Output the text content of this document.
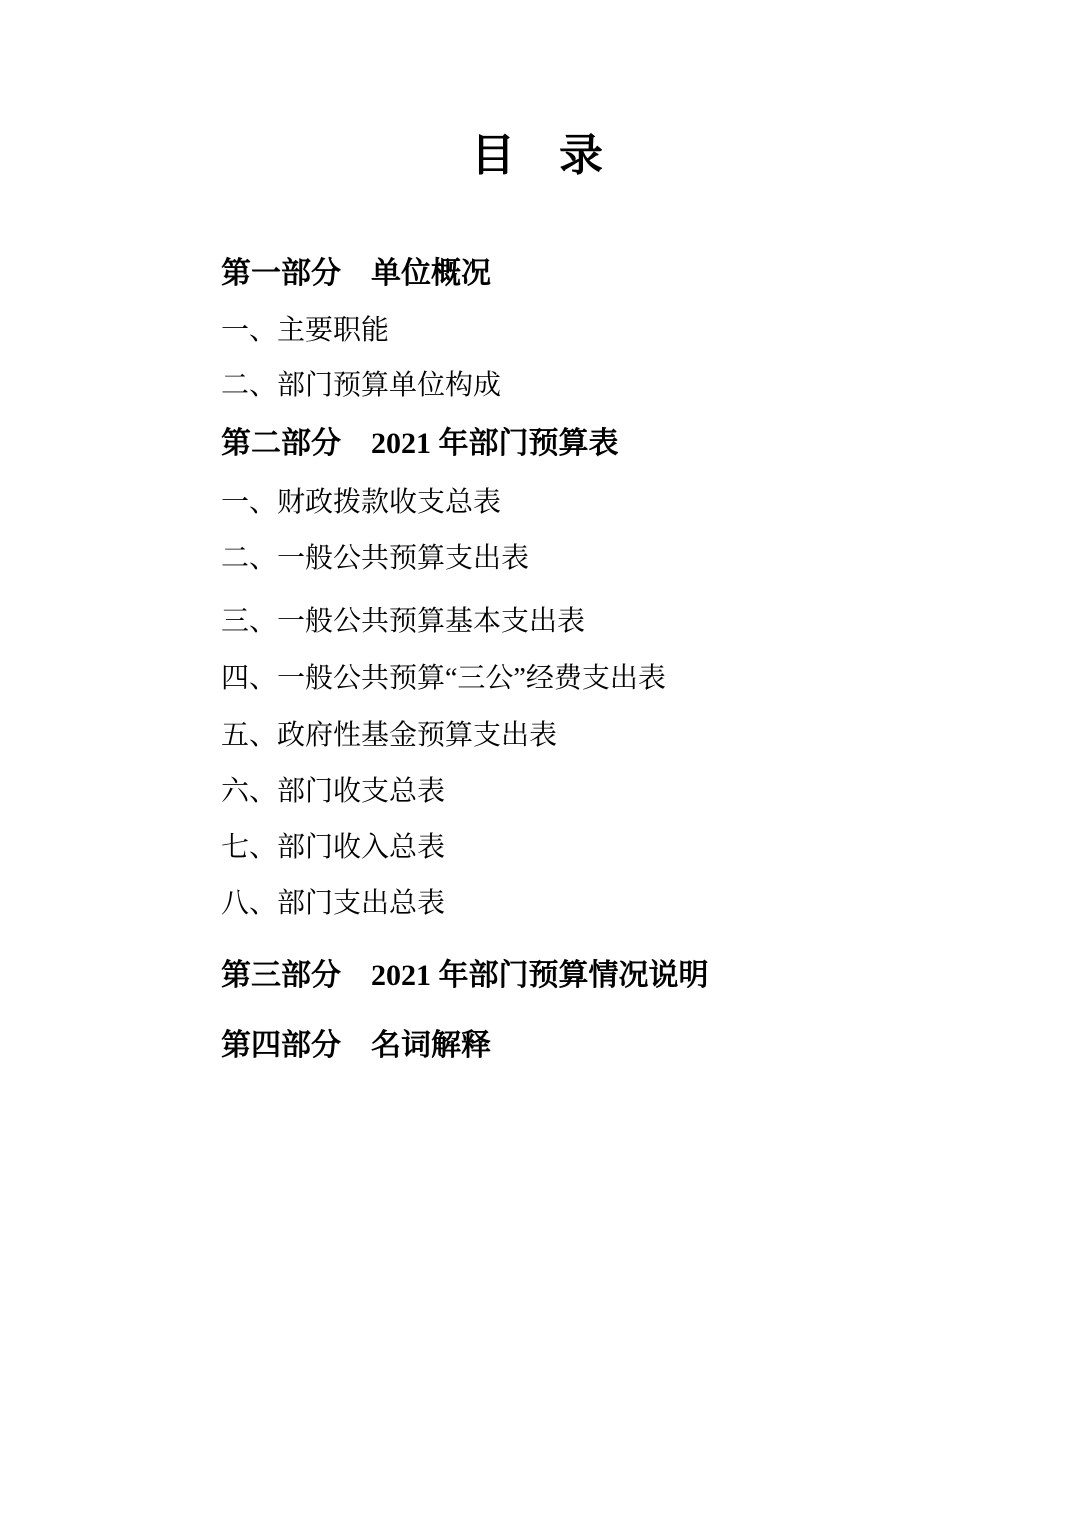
目　录
第一部分　单位概况
一、主要职能
二、部门预算单位构成
第二部分　2021 年部门预算表
一、财政拨款收支总表
二、一般公共预算支出表
三、一般公共预算基本支出表
四、一般公共预算“三公”经费支出表
五、政府性基金预算支出表
六、部门收支总表
七、部门收入总表
八、部门支出总表
第三部分　2021 年部门预算情况说明
第四部分　名词解释
